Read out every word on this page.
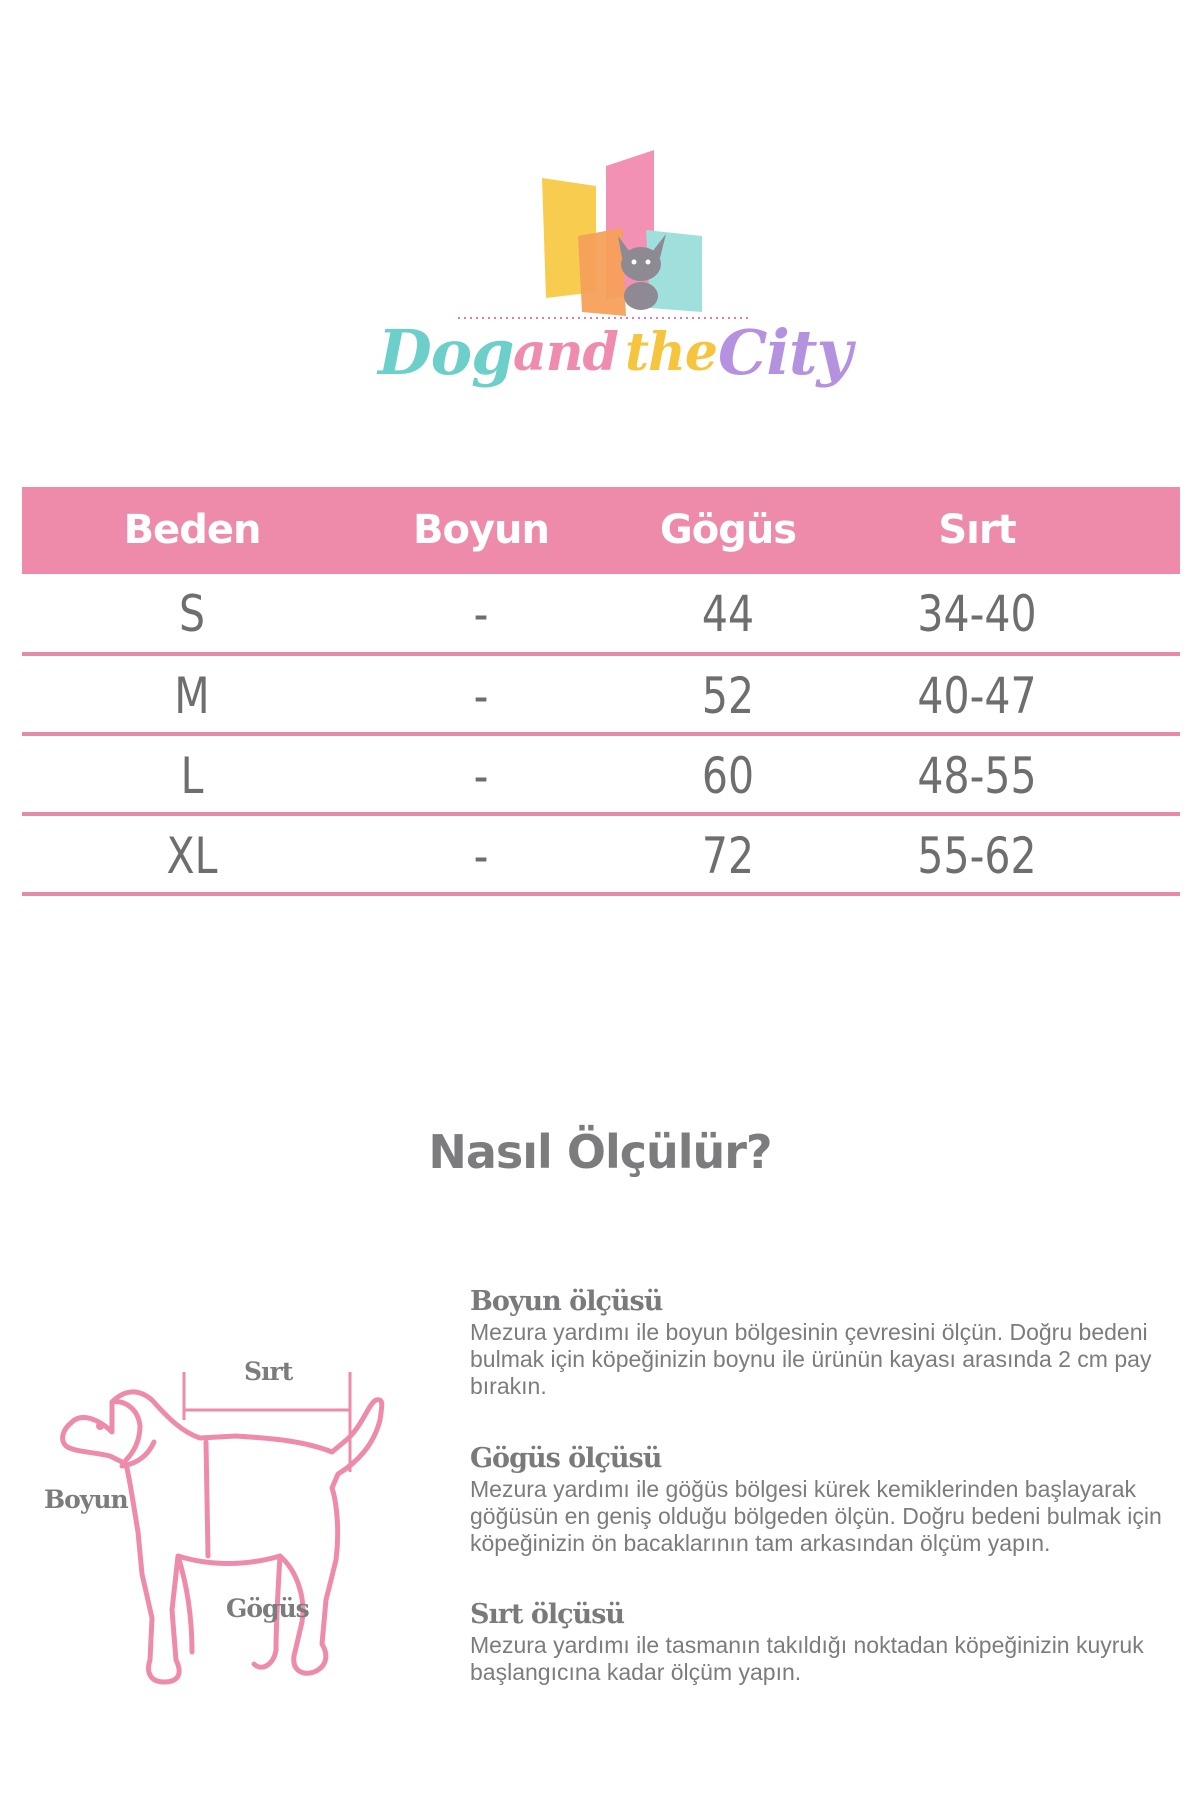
Dog and the City
Beden	Boyun	Gögüs	Sırt
S	-	44	34-40
M	-	52	40-47
L	-	60	48-55
XL	-	72	55-62
Nasıl Ölçülür?
Sırt
Boyun
Gögüs
Boyun ölçüsü

Mezura yardımı ile boyun bölgesinin çevresini ölçün. Doğru bedeni bulmak için köpeğinizin boynu ile ürünün kayası arasında 2 cm pay bırakın.

Gögüs ölçüsü

Mezura yardımı ile göğüs bölgesi kürek kemiklerinden başlayarak göğüsün en geniş olduğu bölgeden ölçün. Doğru bedeni bulmak için köpeğinizin ön bacaklarının tam arkasından ölçüm yapın.

Sırt ölçüsü

Mezura yardımı ile tasmanın takıldığı noktadan köpeğinizin kuyruk başlangıcına kadar ölçüm yapın.
